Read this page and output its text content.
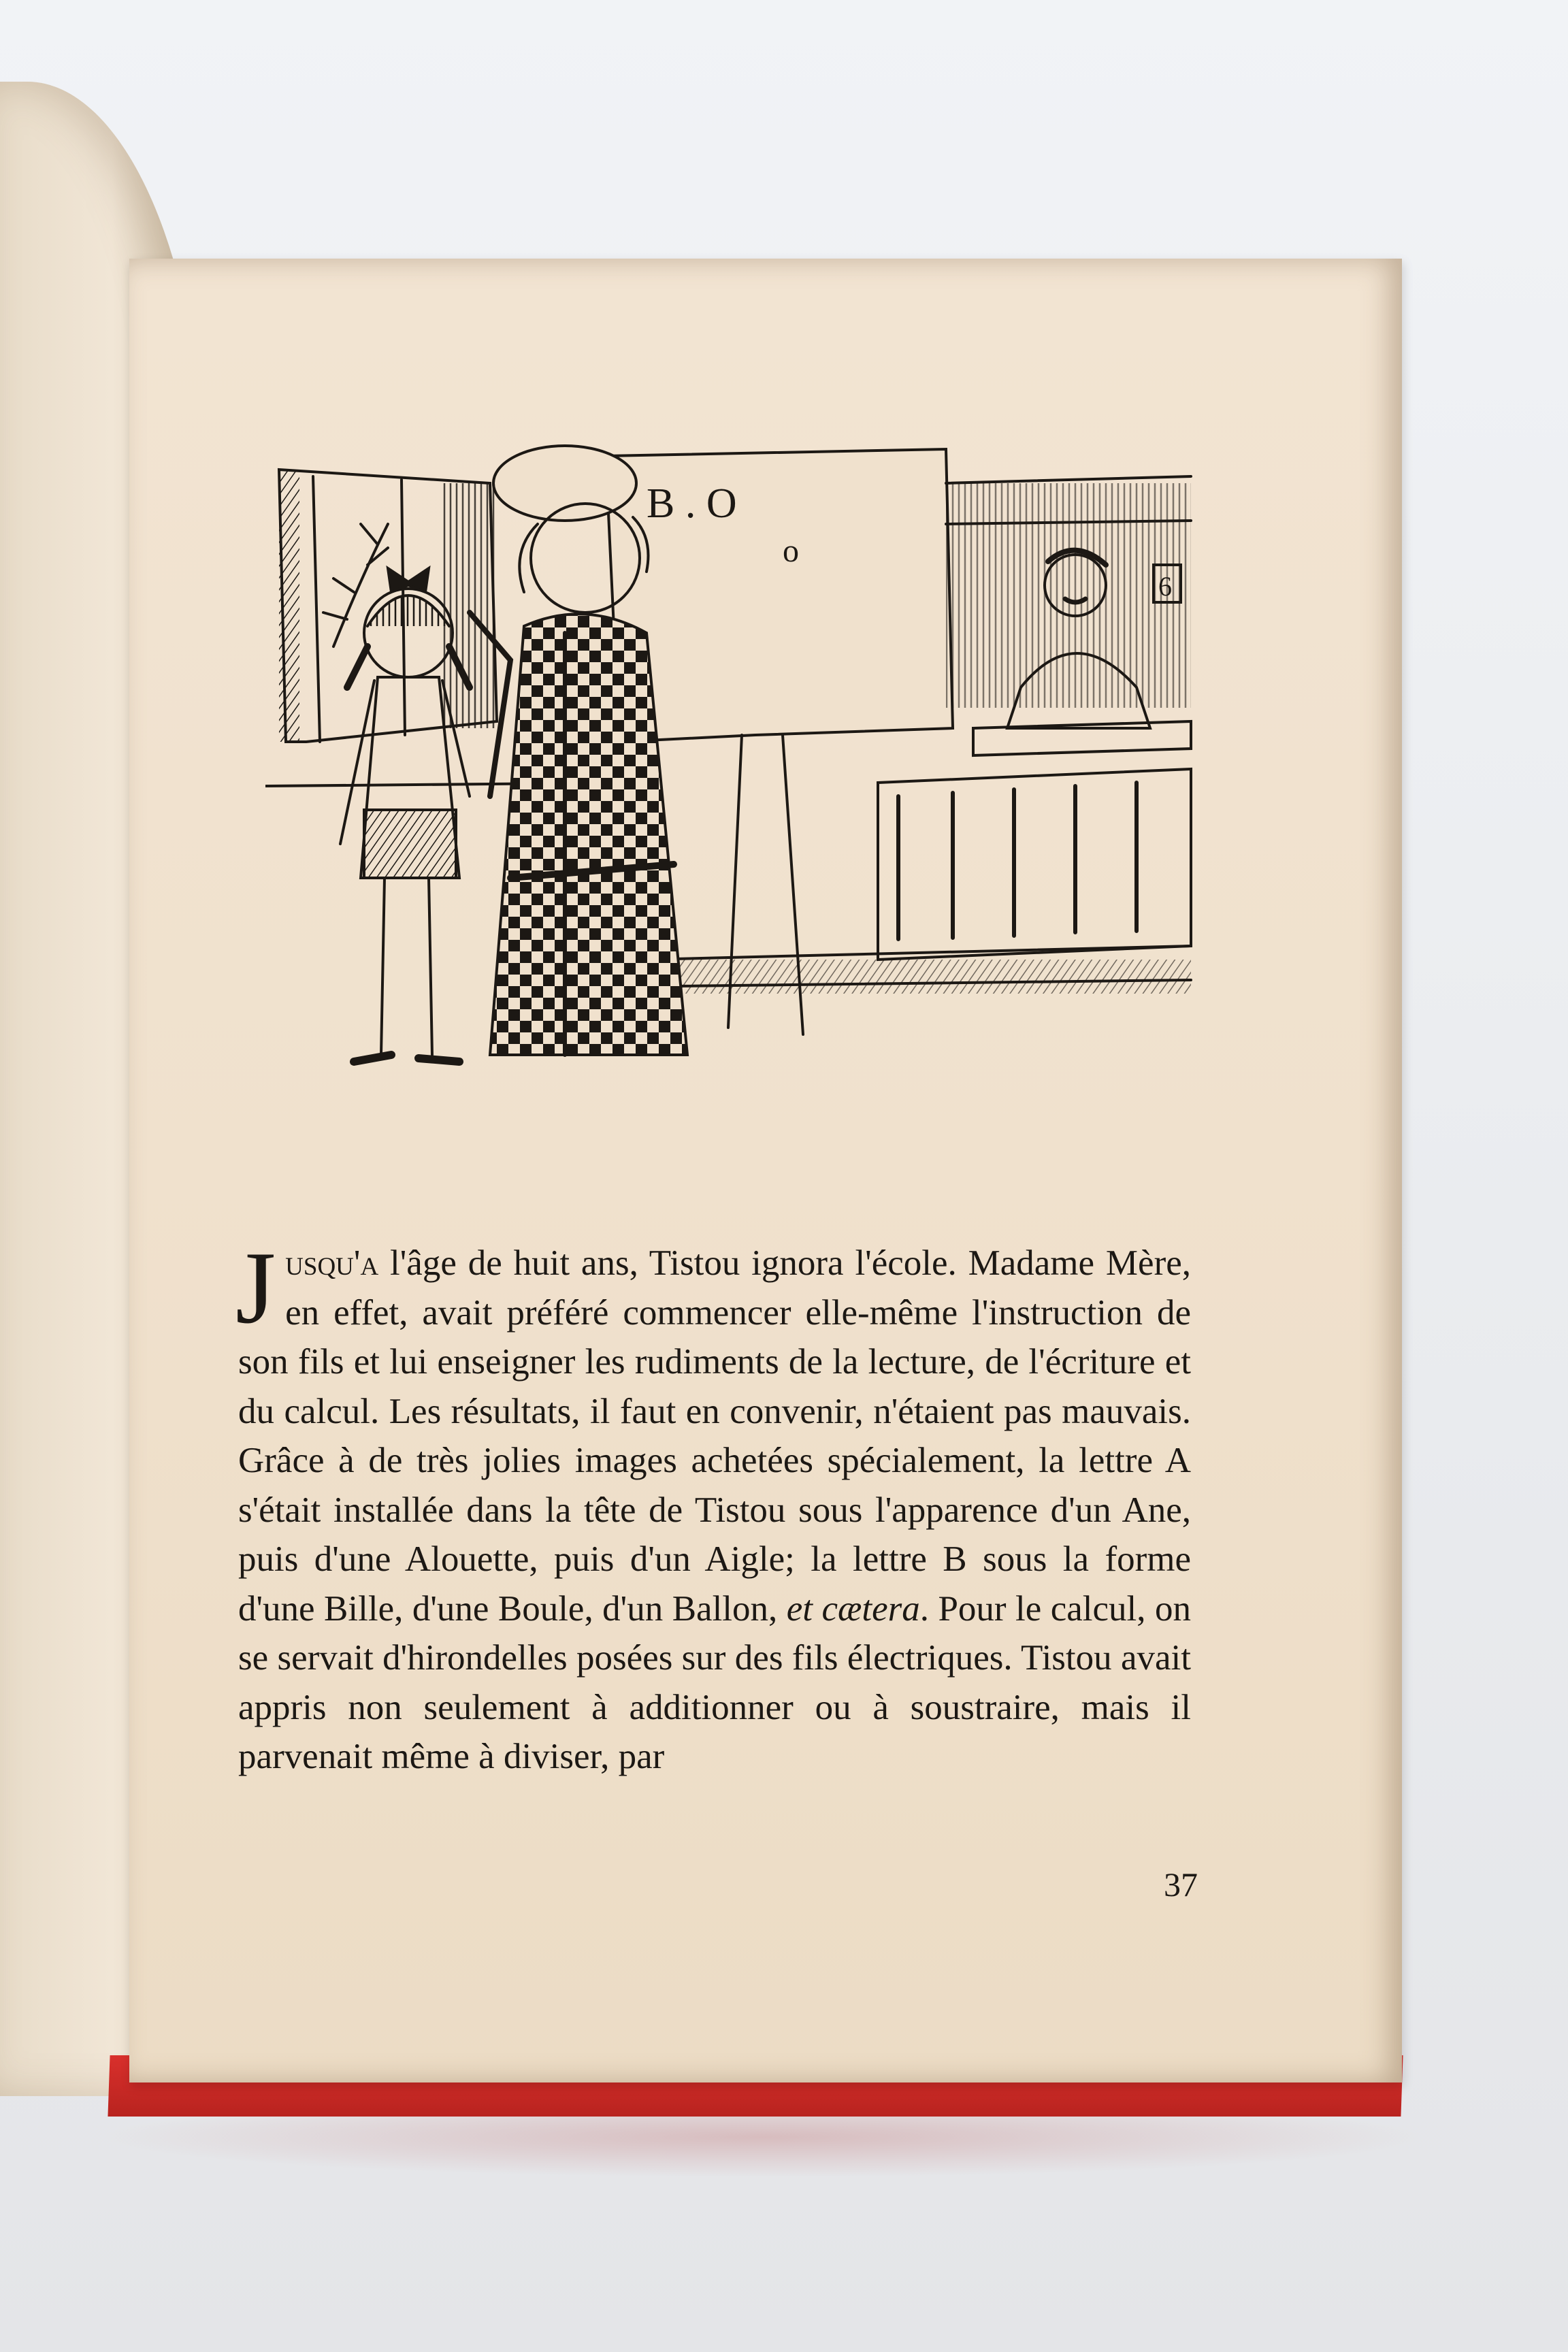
B . O
o
6

Jusqu'a l'âge de huit ans, Tistou ignora l'école. Madame Mère, en effet, avait préféré commencer elle-même l'instruction de son fils et lui enseigner les rudiments de la lecture, de l'écriture et du calcul. Les résultats, il faut en convenir, n'étaient pas mauvais. Grâce à de très jolies images achetées spécialement, la lettre A s'était installée dans la tête de Tistou sous l'apparence d'un Ane, puis d'une Alouette, puis d'un Aigle; la lettre B sous la forme d'une Bille, d'une Boule, d'un Ballon, et cætera. Pour le calcul, on se servait d'hirondelles posées sur des fils électriques. Tistou avait appris non seulement à additionner ou à soustraire, mais il parvenait même à diviser, par

37
